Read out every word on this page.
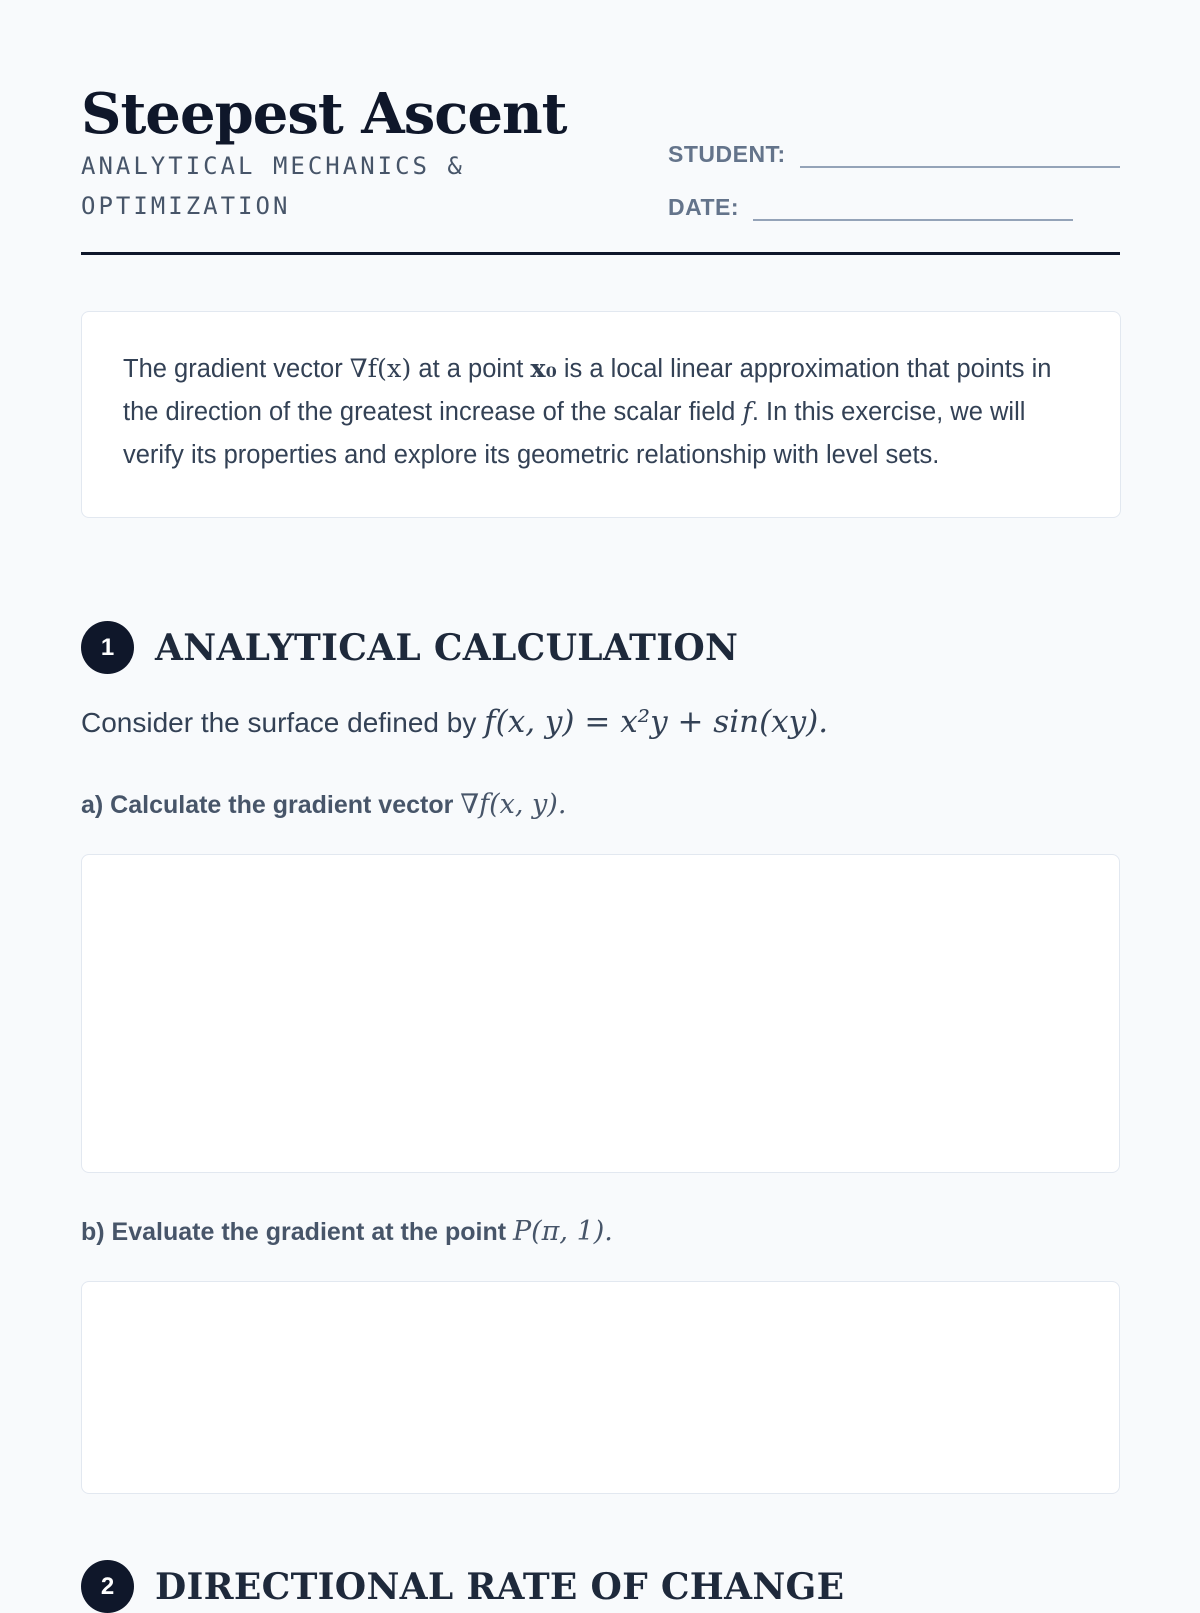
Steepest Ascent

ANALYTICAL MECHANICS & OPTIMIZATION

STUDENT:
DATE:
The gradient vector ∇f(x) at a point x₀ is a local linear approximation that points in the direction of the greatest increase of the scalar field f. In this exercise, we will verify its properties and explore its geometric relationship with level sets.
1	ANALYTICAL CALCULATION
Consider the surface defined by f(x, y) = x²y + sin(xy).
a) Calculate the gradient vector ∇f(x, y).
b) Evaluate the gradient at the point P(π, 1).
2	DIRECTIONAL RATE OF CHANGE
